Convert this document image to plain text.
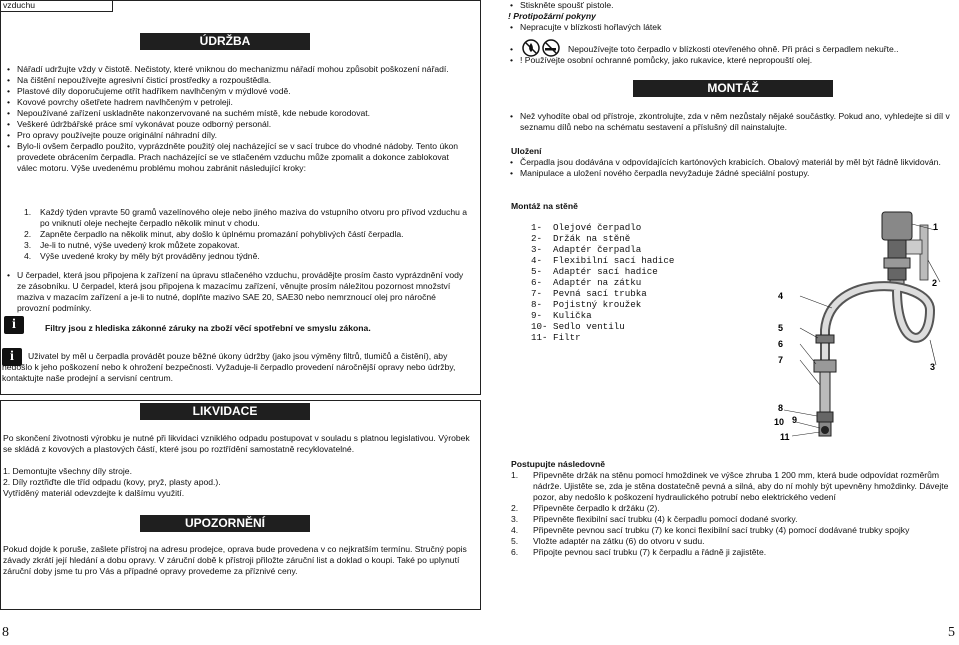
vzduchu
ÚDRŽBA
• Nářadí udržujte vždy v čistotě. Nečistoty, které vniknou do mechanizmu nářadí mohou způsobit poškození nářadí.
• Na čištění nepoužívejte agresivní čisticí prostředky a rozpouštědla.
• Plastové díly doporučujeme otřít hadříkem navlhčeným v mýdlové vodě.
• Kovové povrchy ošetřete hadrem navlhčeným v petroleji.
• Nepoužívané zařízení uskladněte nakonzervované na suchém místě, kde nebude korodovat.
• Veškeré údržbářské práce smí vykonávat pouze odborný personál.
• Pro opravy používejte pouze originální náhradní díly.
• Bylo-li ovšem čerpadlo použito, vyprázdněte použitý olej nacházející se v sací trubce do vhodné nádoby. Tento úkon provedete obrácením čerpadla. Prach nacházející se ve stlačeném vzduchu může zpomalit a dokonce zablokovat válec motoru. Výše uvedenému problému mohou zabránit následující kroky:
1. Každý týden vpravte 50 gramů vazelínového oleje nebo jiného maziva do vstupního otvoru pro přívod vzduchu a po vniknutí oleje nechejte čerpadlo několik minut v chodu.
2. Zapněte čerpadlo na několik minut, aby došlo k úplnému promazání pohyblivých částí čerpadla.
3. Je-li to nutné, výše uvedený krok můžete zopakovat.
4. Výše uvedené kroky by měly být prováděny jednou týdně.
• U čerpadel, která jsou připojena k zařízení na úpravu stlačeného vzduchu, provádějte prosím často vyprázdnění vody ze zásobníku. U čerpadel, která jsou připojena k mazacímu zařízení, věnujte prosím náležitou pozornost množství maziva v mazacím zařízení a je-li to nutné, doplňte mazivo SAE 20, SAE30 nebo nemrznoucí olej pro náročné provozní podmínky.
i	Filtry jsou z hlediska zákonné záruky na zboží věcí spotřební ve smyslu zákona.
i	Uživatel by měl u čerpadla provádět pouze běžné úkony údržby (jako jsou výměny filtrů, tlumičů a čistění), aby nedošlo k jeho poškození nebo k ohrožení bezpečnosti. Vyžaduje-li čerpadlo provedení náročnější opravy nebo údržby, kontaktujte naše prodejní a servisní centrum.

LIKVIDACE

Po skončení životnosti výrobku je nutné při likvidaci vzniklého odpadu postupovat v souladu s platnou legislativou. Výrobek se skládá z kovových a plastových částí, které jsou po roztřídění samostatně recyklovatelné.

1. Demontujte všechny díly stroje.

2. Díly roztřiďte dle tříd odpadu (kovy, pryž, plasty apod.).

Vytříděný materiál odevzdejte k dalšímu využití.

UPOZORNĚNÍ

Pokud dojde k poruše, zašlete přístroj na adresu prodejce, oprava bude provedena v co nejkratším termínu. Stručný popis závady zkrátí její hledání a dobu opravy. V záruční době k přístroji přiložte záruční list a doklad o koupi. Také po uplynutí záruční doby jsme tu pro Vás a případné opravy provedeme za příznivé ceny.

8
• Stiskněte spoušť pistole.

! Protipožární pokyny

• Nepracujte v blízkosti hořlavých látek
• Nepoužívejte toto čerpadlo v blízkosti otevřeného ohně. Při práci s čerpadlem nekuřte..
• ! Používejte osobní ochranné pomůcky, jako rukavice, které nepropouští olej.
MONTÁŽ
• Než vyhodíte obal od přístroje, zkontrolujte, zda v něm nezůstaly nějaké součástky. Pokud ano, vyhledejte si díl v seznamu dílů nebo na schématu sestavení a příslušný díl nainstalujte.

Uložení

• Čerpadla jsou dodávána v odpovídajících kartónových krabicích. Obalový materiál by měl být řádně likvidován.
• Manipulace a uložení nového čerpadla nevyžaduje žádné speciální postupy.

Montáž na stěně

1-  Olejové čerpadlo
2-  Držák na stěně
3-  Adaptér čerpadla
4-  Flexibilní sací hadice
5-  Adaptér sací hadice
6-  Adaptér na zátku
7-  Pevná sací trubka
8-  Pojistný kroužek
9-  Kulička
10- Sedlo ventilu
11- Filtr
1
2
3
4
5
6
7
8
9
10
11

Postupujte následovně

1. Připevněte držák na stěnu pomocí hmoždinek ve výšce zhruba 1 200 mm, která bude odpovídat rozměrům nádrže. Ujistěte se, zda je stěna dostatečně pevná a silná, aby do ní mohly být upevněny hmoždinky. Dávejte pozor, aby nedošlo k poškození hydraulického potrubí nebo elektrického vedení
2. Připevněte čerpadlo k držáku (2).
3. Připevněte flexibilní sací trubku (4) k čerpadlu pomocí dodané svorky.
4. Připevněte pevnou sací trubku (7) ke konci flexibilní sací trubky (4) pomocí dodávané trubky spojky
5. Vložte adaptér na zátku (6) do otvoru v sudu.
6. Připojte pevnou sací trubku (7) k čerpadlu a řádně ji zajistěte.
5
